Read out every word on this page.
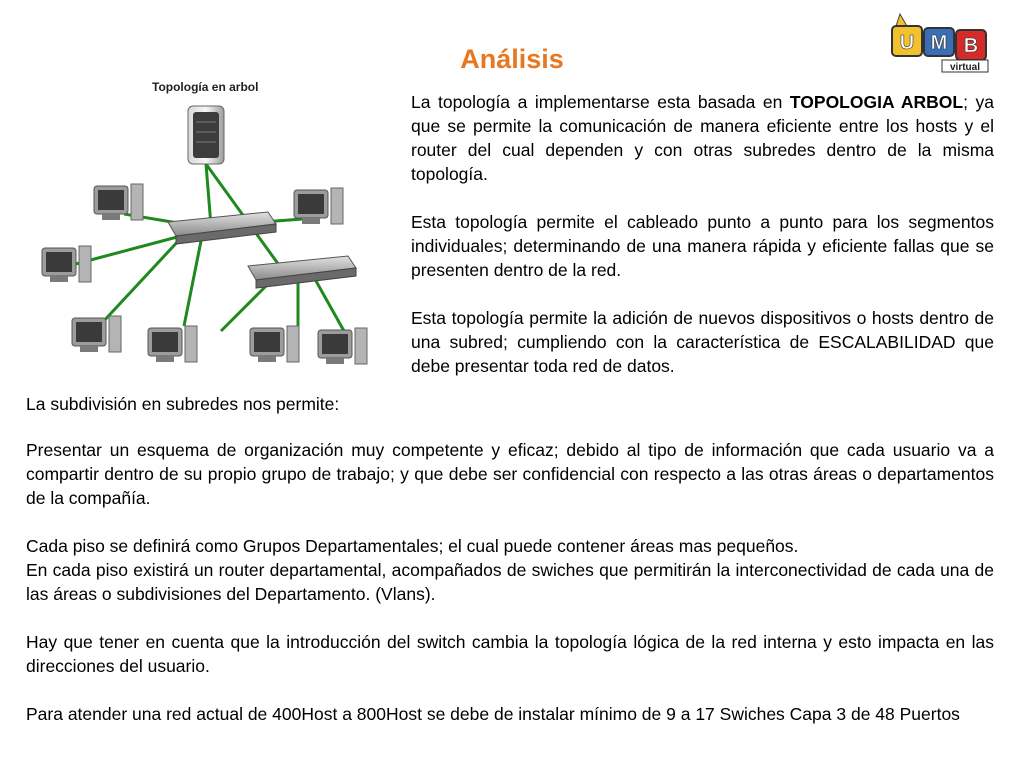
Análisis
U M B
virtual
Topología en arbol

La topología a implementarse esta basada en TOPOLOGIA ARBOL; ya que se permite la comunicación de manera eficiente entre los hosts y el router del cual dependen y con otras subredes dentro de la misma topología.

Esta topología permite el cableado punto a punto para los segmentos individuales; determinando de una manera rápida y eficiente fallas que se presenten dentro de la red.

Esta topología permite la adición de nuevos dispositivos o hosts dentro de una subred; cumpliendo con la característica de ESCALABILIDAD que debe presentar toda red de datos.

La subdivisión en subredes nos permite:

Presentar un esquema de organización muy competente y eficaz; debido al tipo de información que cada usuario va a compartir dentro de su propio grupo de trabajo; y que debe ser confidencial con respecto a las otras áreas o departamentos de la compañía.

Cada piso se definirá como Grupos Departamentales; el cual puede contener áreas mas pequeños.

En cada piso existirá un router departamental, acompañados de swiches que permitirán la interconectividad de cada una de las áreas o subdivisiones del Departamento. (Vlans).

Hay que tener en cuenta que la introducción del switch cambia la topología lógica de la red interna y esto impacta en las direcciones del usuario.

Para atender una red actual de 400Host a 800Host se debe de instalar mínimo de 9 a 17 Swiches Capa 3 de 48 Puertos
